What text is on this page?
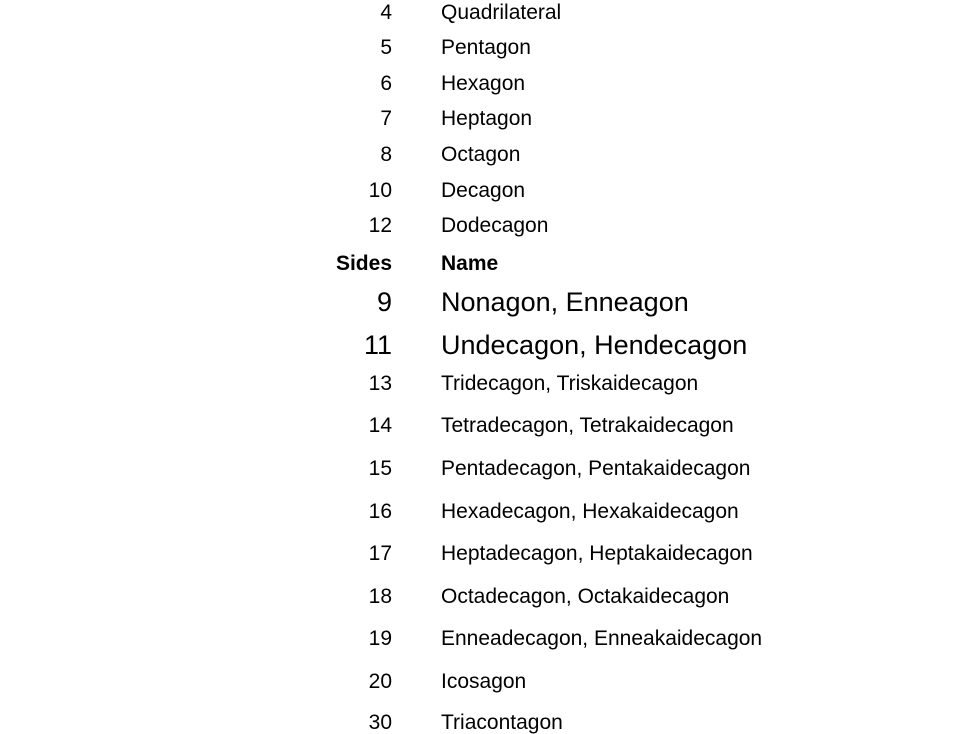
4 Quadrilateral
5 Pentagon
6 Hexagon
7 Heptagon
8 Octagon
10 Decagon
12 Dodecagon
Sides Name
9 Nonagon, Enneagon
11 Undecagon, Hendecagon
13 Tridecagon, Triskaidecagon
14 Tetradecagon, Tetrakaidecagon
15 Pentadecagon, Pentakaidecagon
16 Hexadecagon, Hexakaidecagon
17 Heptadecagon, Heptakaidecagon
18 Octadecagon, Octakaidecagon
19 Enneadecagon, Enneakaidecagon
20 Icosagon
30 Triacontagon
